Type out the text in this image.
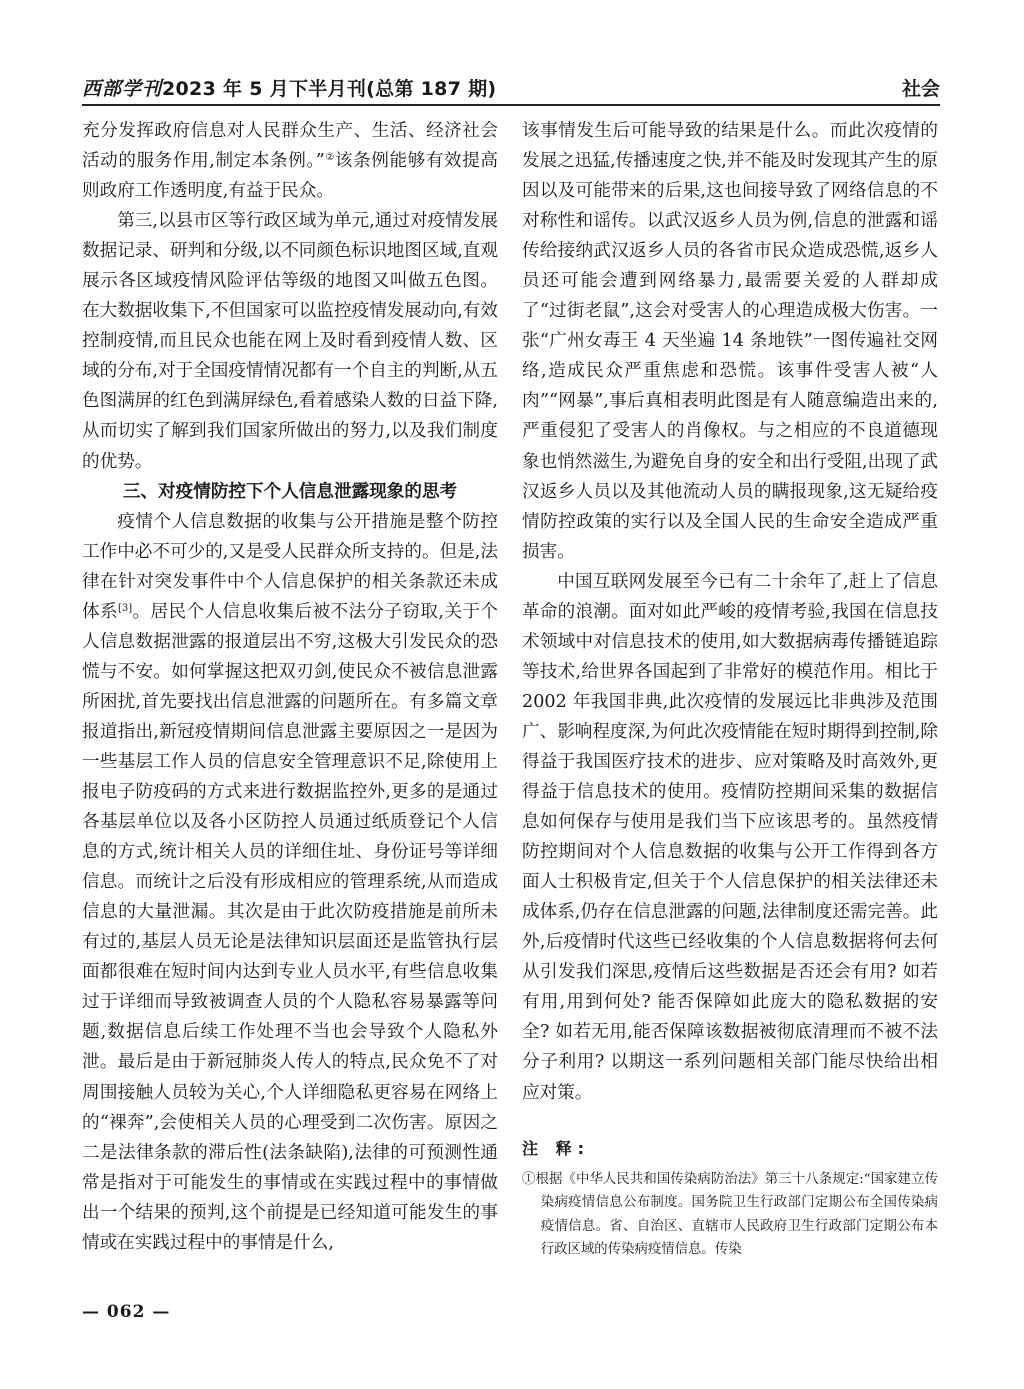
西部学刊2023 年 5 月下半月刊(总第 187 期)	社会

充分发挥政府信息对人民群众生产、生活、经济社会活动的服务作用,制定本条例。”②该条例能够有效提高则政府工作透明度,有益于民众。

第三,以县市区等行政区域为单元,通过对疫情发展数据记录、研判和分级,以不同颜色标识地图区域,直观展示各区域疫情风险评估等级的地图又叫做五色图。在大数据收集下,不但国家可以监控疫情发展动向,有效控制疫情,而且民众也能在网上及时看到疫情人数、区域的分布,对于全国疫情情况都有一个自主的判断,从五色图满屏的红色到满屏绿色,看着感染人数的日益下降,从而切实了解到我们国家所做出的努力,以及我们制度的优势。

三、对疫情防控下个人信息泄露现象的思考

疫情个人信息数据的收集与公开措施是整个防控工作中必不可少的,又是受人民群众所支持的。但是,法律在针对突发事件中个人信息保护的相关条款还未成体系[3]。居民个人信息收集后被不法分子窃取,关于个人信息数据泄露的报道层出不穷,这极大引发民众的恐慌与不安。如何掌握这把双刃剑,使民众不被信息泄露所困扰,首先要找出信息泄露的问题所在。有多篇文章报道指出,新冠疫情期间信息泄露主要原因之一是因为一些基层工作人员的信息安全管理意识不足,除使用上报电子防疫码的方式来进行数据监控外,更多的是通过各基层单位以及各小区防控人员通过纸质登记个人信息的方式,统计相关人员的详细住址、身份证号等详细信息。而统计之后没有形成相应的管理系统,从而造成信息的大量泄漏。其次是由于此次防疫措施是前所未有过的,基层人员无论是法律知识层面还是监管执行层面都很难在短时间内达到专业人员水平,有些信息收集过于详细而导致被调查人员的个人隐私容易暴露等问题,数据信息后续工作处理不当也会导致个人隐私外泄。最后是由于新冠肺炎人传人的特点,民众免不了对周围接触人员较为关心,个人详细隐私更容易在网络上的“裸奔”,会使相关人员的心理受到二次伤害。原因之二是法律条款的滞后性(法条缺陷),法律的可预测性通常是指对于可能发生的事情或在实践过程中的事情做出一个结果的预判,这个前提是已经知道可能发生的事情或在实践过程中的事情是什么,

该事情发生后可能导致的结果是什么。而此次疫情的发展之迅猛,传播速度之快,并不能及时发现其产生的原因以及可能带来的后果,这也间接导致了网络信息的不对称性和谣传。以武汉返乡人员为例,信息的泄露和谣传给接纳武汉返乡人员的各省市民众造成恐慌,返乡人员还可能会遭到网络暴力,最需要关爱的人群却成了“过街老鼠”,这会对受害人的心理造成极大伤害。一张“广州女毒王 4 天坐遍 14 条地铁”一图传遍社交网络,造成民众严重焦虑和恐慌。该事件受害人被“人肉”“网暴”,事后真相表明此图是有人随意编造出来的,严重侵犯了受害人的肖像权。与之相应的不良道德现象也悄然滋生,为避免自身的安全和出行受阻,出现了武汉返乡人员以及其他流动人员的瞒报现象,这无疑给疫情防控政策的实行以及全国人民的生命安全造成严重损害。

中国互联网发展至今已有二十余年了,赶上了信息革命的浪潮。面对如此严峻的疫情考验,我国在信息技术领域中对信息技术的使用,如大数据病毒传播链追踪等技术,给世界各国起到了非常好的模范作用。相比于 2002 年我国非典,此次疫情的发展远比非典涉及范围广、影响程度深,为何此次疫情能在短时期得到控制,除得益于我国医疗技术的进步、应对策略及时高效外,更得益于信息技术的使用。疫情防控期间采集的数据信息如何保存与使用是我们当下应该思考的。虽然疫情防控期间对个人信息数据的收集与公开工作得到各方面人士积极肯定,但关于个人信息保护的相关法律还未成体系,仍存在信息泄露的问题,法律制度还需完善。此外,后疫情时代这些已经收集的个人信息数据将何去何从引发我们深思,疫情后这些数据是否还会有用? 如若有用,用到何处? 能否保障如此庞大的隐私数据的安全? 如若无用,能否保障该数据被彻底清理而不被不法分子利用? 以期这一系列问题相关部门能尽快给出相应对策。

注 释:

①根据《中华人民共和国传染病防治法》第三十八条规定:“国家建立传染病疫情信息公布制度。国务院卫生行政部门定期公布全国传染病疫情信息。省、自治区、直辖市人民政府卫生行政部门定期公布本行政区域的传染病疫情信息。传染

— 062 —
